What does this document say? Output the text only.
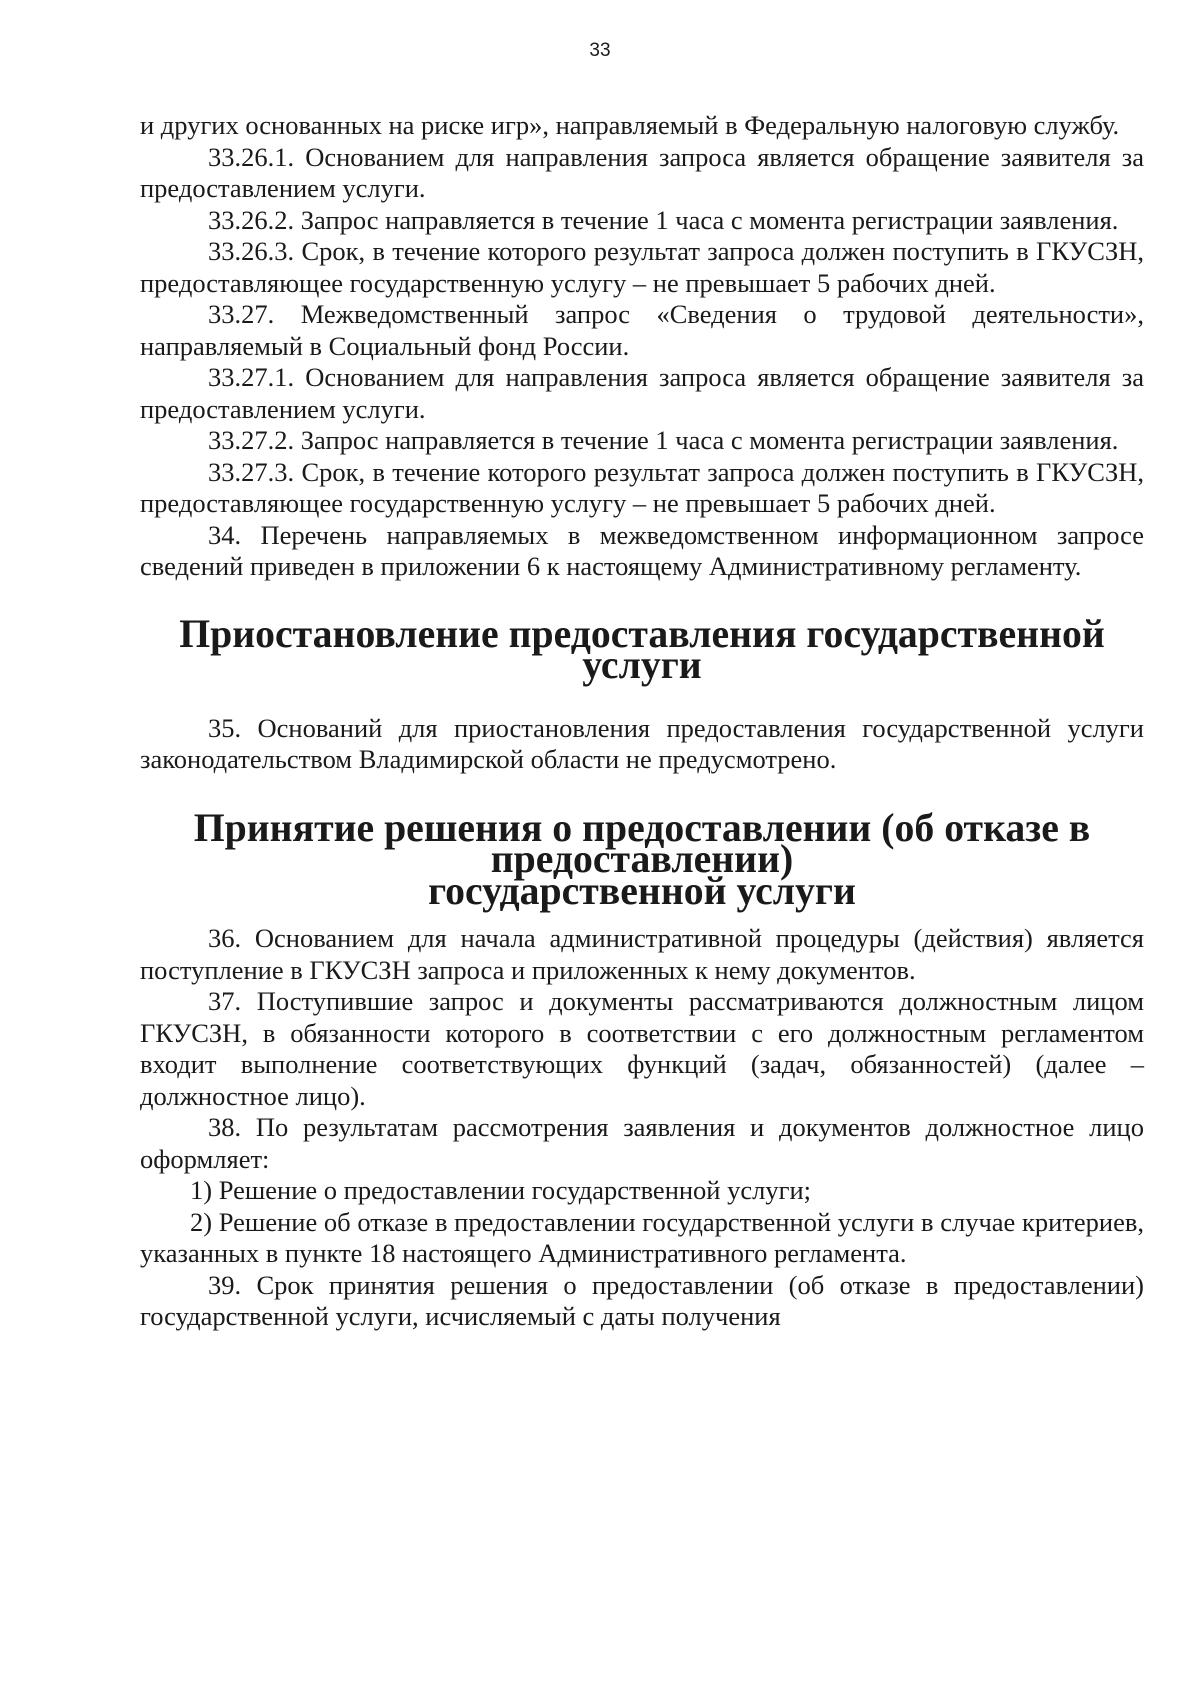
33

и других основанных на риске игр», направляемый в Федеральную налоговую службу.

33.26.1. Основанием для направления запроса является обращение заявителя за предоставлением услуги.

33.26.2. Запрос направляется в течение 1 часа с момента регистрации заявления.

33.26.3. Срок, в течение которого результат запроса должен поступить в ГКУСЗН, предоставляющее государственную услугу – не превышает 5 рабочих дней.

33.27. Межведомственный запрос «Сведения о трудовой деятельности», направляемый в Социальный фонд России.

33.27.1. Основанием для направления запроса является обращение заявителя за предоставлением услуги.

33.27.2. Запрос направляется в течение 1 часа с момента регистрации заявления.

33.27.3. Срок, в течение которого результат запроса должен поступить в ГКУСЗН, предоставляющее государственную услугу – не превышает 5 рабочих дней.

34. Перечень направляемых в межведомственном информационном запросе сведений приведен в приложении 6 к настоящему Административному регламенту.

Приостановление предоставления государственной услуги

35. Оснований для приостановления предоставления государственной услуги законодательством Владимирской области не предусмотрено.

Принятие решения о предоставлении (об отказе в предоставлении)
государственной услуги

36. Основанием для начала административной процедуры (действия) является поступление в ГКУСЗН запроса и приложенных к нему документов.

37. Поступившие запрос и документы рассматриваются должностным лицом ГКУСЗН, в обязанности которого в соответствии с его должностным регламентом входит выполнение соответствующих функций (задач, обязанностей) (далее – должностное лицо).

38. По результатам рассмотрения заявления и документов должностное лицо оформляет:

1) Решение о предоставлении государственной услуги;

2) Решение об отказе в предоставлении государственной услуги в случае критериев, указанных в пункте 18 настоящего Административного регламента.

39. Срок принятия решения о предоставлении (об отказе в предоставлении) государственной услуги, исчисляемый с даты получения
